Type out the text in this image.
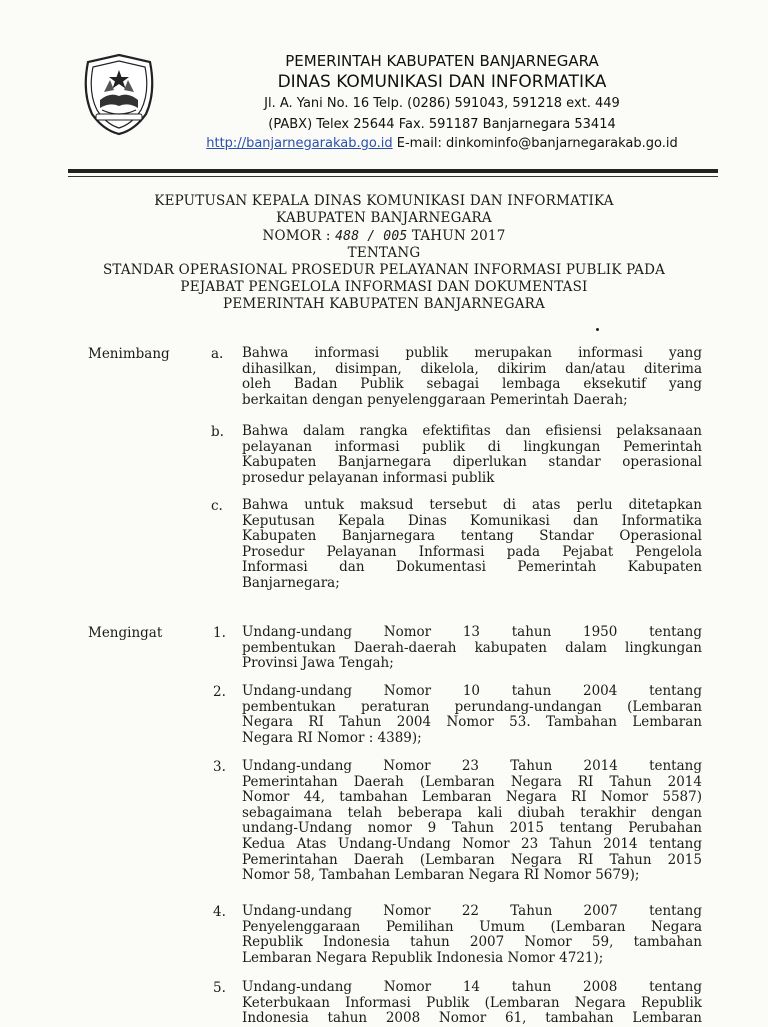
PEMERINTAH KABUPATEN BANJARNEGARA
DINAS KOMUNIKASI DAN INFORMATIKA
Jl. A. Yani No. 16 Telp. (0286) 591043, 591218 ext. 449
(PABX) Telex 25644 Fax. 591187 Banjarnegara 53414
http://banjarnegarakab.go.id E-mail: dinkominfo@banjarnegarakab.go.id
KEPUTUSAN KEPALA DINAS KOMUNIKASI DAN INFORMATIKA
KABUPATEN BANJARNEGARA
NOMOR : 488 / 005 TAHUN 2017
TENTANG
STANDAR OPERASIONAL PROSEDUR PELAYANAN INFORMASI PUBLIK PADA
PEJABAT PENGELOLA INFORMASI DAN DOKUMENTASI
PEMERINTAH KABUPATEN BANJARNEGARA
Menimbang	a. Bahwa informasi publik merupakan informasi yang
dihasilkan, disimpan, dikelola, dikirim dan/atau diterima
oleh Badan Publik sebagai lembaga eksekutif yang
berkaitan dengan penyelenggaraan Pemerintah Daerah;
b. Bahwa dalam rangka efektifitas dan efisiensi pelaksanaan
pelayanan informasi publik di lingkungan Pemerintah
Kabupaten Banjarnegara diperlukan standar operasional
prosedur pelayanan informasi publik
c. Bahwa untuk maksud tersebut di atas perlu ditetapkan
Keputusan Kepala Dinas Komunikasi dan Informatika
Kabupaten Banjarnegara tentang Standar Operasional
Prosedur Pelayanan Informasi pada Pejabat Pengelola
Informasi dan Dokumentasi Pemerintah Kabupaten
Banjarnegara;
Mengingat	1. Undang-undang Nomor 13 tahun 1950 tentang
pembentukan Daerah-daerah kabupaten dalam lingkungan
Provinsi Jawa Tengah;
2. Undang-undang Nomor 10 tahun 2004 tentang
pembentukan peraturan perundang-undangan (Lembaran
Negara RI Tahun 2004 Nomor 53. Tambahan Lembaran
Negara RI Nomor : 4389);
3. Undang-undang Nomor 23 Tahun 2014 tentang
Pemerintahan Daerah (Lembaran Negara RI Tahun 2014
Nomor 44, tambahan Lembaran Negara RI Nomor 5587)
sebagaimana telah beberapa kali diubah terakhir dengan
undang-Undang nomor 9 Tahun 2015 tentang Perubahan
Kedua Atas Undang-Undang Nomor 23 Tahun 2014 tentang
Pemerintahan Daerah (Lembaran Negara RI Tahun 2015
Nomor 58, Tambahan Lembaran Negara RI Nomor 5679);
4. Undang-undang Nomor 22 Tahun 2007 tentang
Penyelenggaraan Pemilihan Umum (Lembaran Negara
Republik Indonesia tahun 2007 Nomor 59, tambahan
Lembaran Negara Republik Indonesia Nomor 4721);
5. Undang-undang Nomor 14 tahun 2008 tentang
Keterbukaan Informasi Publik (Lembaran Negara Republik
Indonesia tahun 2008 Nomor 61, tambahan Lembaran
